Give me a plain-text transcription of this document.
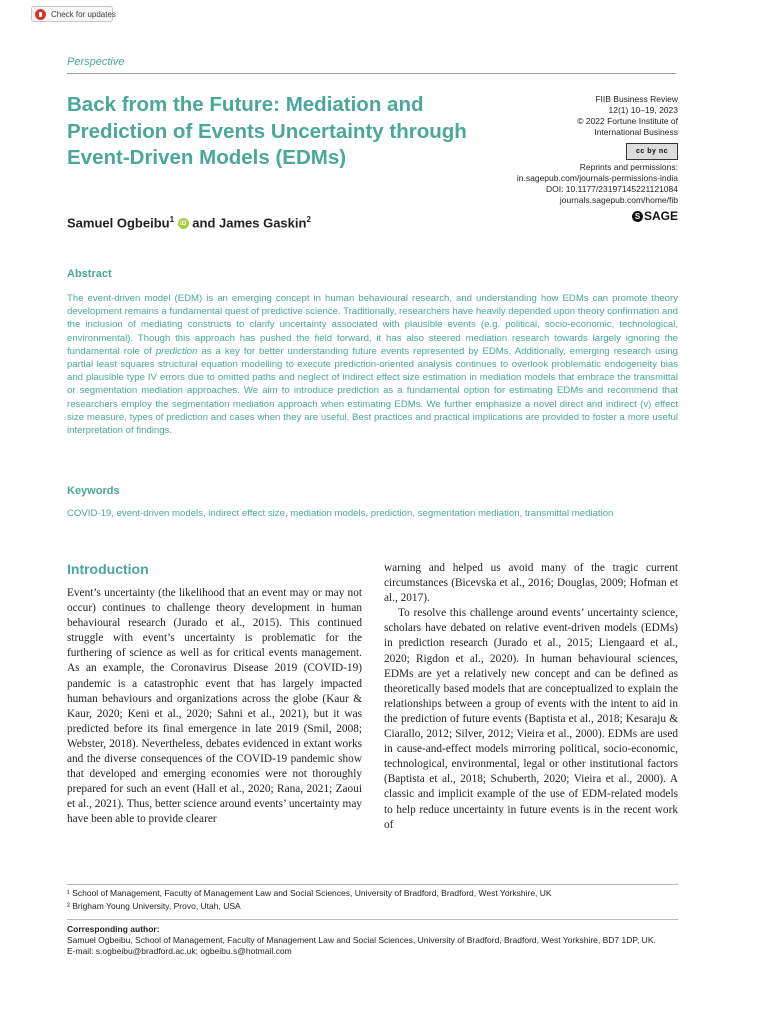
Check for updates
Perspective
Back from the Future: Mediation and Prediction of Events Uncertainty through Event-Driven Models (EDMs)
FIIB Business Review
12(1) 10–19, 2023
© 2022 Fortune Institute of
International Business
cc by nc
Reprints and permissions:
in.sagepub.com/journals-permissions-india
DOI: 10.1177/23197145221121084
journals.sagepub.com/home/fib
S SAGE
Samuel Ogbeibu$^1$ iD and James Gaskin$^2$
Abstract

The event-driven model (EDM) is an emerging concept in human behavioural research, and understanding how EDMs can promote theory development remains a fundamental quest of predictive science. Traditionally, researchers have heavily depended upon theory confirmation and the inclusion of mediating constructs to clarify uncertainty associated with plausible events (e.g. political, socio-economic, technological, environmental). Though this approach has pushed the field forward, it has also steered mediation research towards largely ignoring the fundamental role of prediction as a key for better understanding future events represented by EDMs. Additionally, emerging research using partial least squares structural equation modelling to execute prediction-oriented analysis continues to overlook problematic endogeneity bias and plausible type IV errors due to omitted paths and neglect of indirect effect size estimation in mediation models that embrace the transmittal or segmentation mediation approaches. We aim to introduce prediction as a fundamental option for estimating EDMs and recommend that researchers employ the segmentation mediation approach when estimating EDMs. We further emphasize a novel direct and indirect (v) effect size measure, types of prediction and cases when they are useful. Best practices and practical implications are provided to foster a more useful interpretation of findings.

Keywords
COVID-19, event-driven models, indirect effect size, mediation models, prediction, segmentation mediation, transmittal mediation
Introduction

Event’s uncertainty (the likelihood that an event may or may not occur) continues to challenge theory development in human behavioural research (Jurado et al., 2015). This continued struggle with event’s uncertainty is problematic for the furthering of science as well as for critical events management. As an example, the Coronavirus Disease 2019 (COVID-19) pandemic is a catastrophic event that has largely impacted human behaviours and organizations across the globe (Kaur & Kaur, 2020; Keni et al., 2020; Sahni et al., 2021), but it was predicted before its final emergence in late 2019 (Smil, 2008; Webster, 2018). Nevertheless, debates evidenced in extant works and the diverse consequences of the COVID-19 pandemic show that developed and emerging economies were not thoroughly prepared for such an event (Hall et al., 2020; Rana, 2021; Zaoui et al., 2021). Thus, better science around events’ uncertainty may have been able to provide clearer

warning and helped us avoid many of the tragic current circumstances (Bicevska et al., 2016; Douglas, 2009; Hofman et al., 2017).
To resolve this challenge around events’ uncertainty science, scholars have debated on relative event-driven models (EDMs) in prediction research (Jurado et al., 2015; Liengaard et al., 2020; Rigdon et al., 2020). In human behavioural sciences, EDMs are yet a relatively new concept and can be defined as theoretically based models that are conceptualized to explain the relationships between a group of events with the intent to aid in the prediction of future events (Baptista et al., 2018; Kesaraju & Ciarallo, 2012; Silver, 2012; Vieira et al., 2000). EDMs are used in cause-and-effect models mirroring political, socio-economic, technological, environmental, legal or other institutional factors (Baptista et al., 2018; Schuberth, 2020; Vieira et al., 2000). A classic and implicit example of the use of EDM-related models to help reduce uncertainty in future events is in the recent work of
¹ School of Management, Faculty of Management Law and Social Sciences, University of Bradford, Bradford, West Yorkshire, UK
² Brigham Young University, Provo, Utah, USA
Corresponding author:
Samuel Ogbeibu, School of Management, Faculty of Management Law and Social Sciences, University of Bradford, Bradford, West Yorkshire, BD7 1DP, UK.
E-mail: s.ogbeibu@bradford.ac.uk; ogbeibu.s@hotmail.com
